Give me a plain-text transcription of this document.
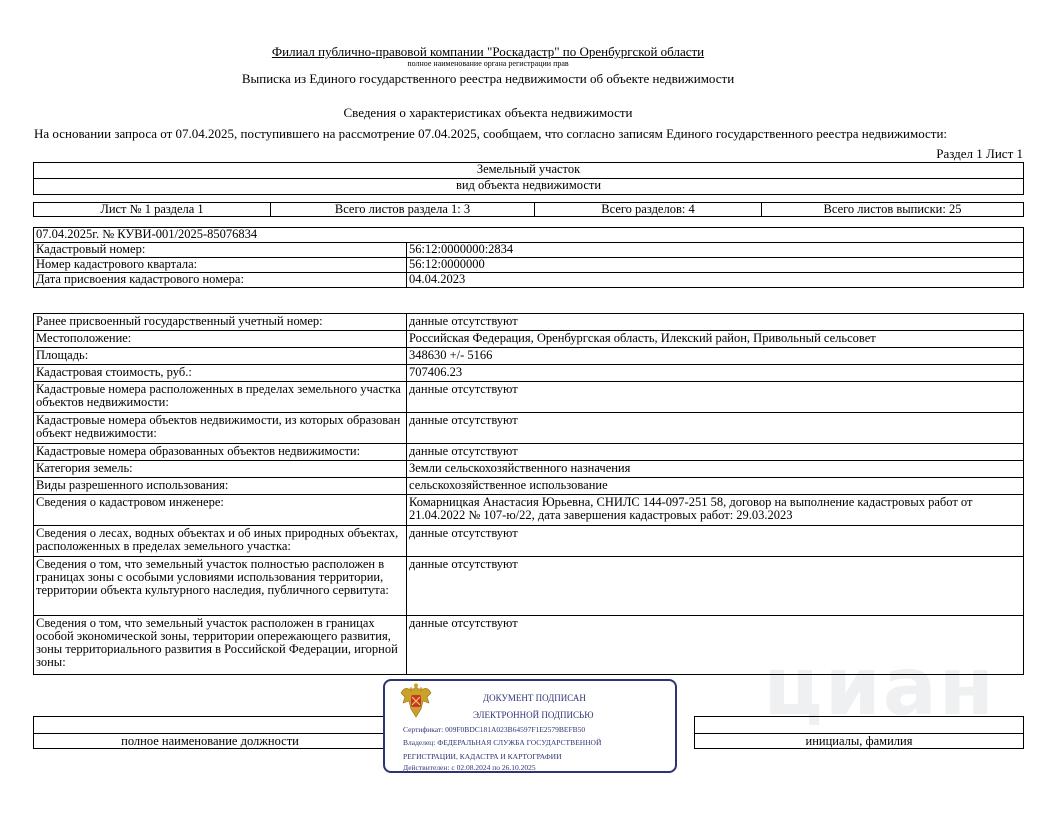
циан
Филиал публично-правовой компании "Роскадастр" по Оренбургской области
полное наименование органа регистрации прав
Выписка из Единого государственного реестра недвижимости об объекте недвижимости
Сведения о характеристиках объекта недвижимости
На основании запроса от 07.04.2025, поступившего на рассмотрение 07.04.2025, сообщаем, что согласно записям Единого государственного реестра недвижимости:
Раздел 1 Лист 1
Земельный участок
вид объекта недвижимости
Лист № 1 раздела 1	Всего листов раздела 1: 3	Всего разделов: 4	Всего листов выписки: 25
07.04.2025г. № КУВИ-001/2025-85076834	
Кадастровый номер:	56:12:0000000:2834
Номер кадастрового квартала:	56:12:0000000
Дата присвоения кадастрового номера:	04.04.2023
Ранее присвоенный государственный учетный номер:	данные отсутствуют
Местоположение:	Российская Федерация, Оренбургская область, Илекский район, Привольный сельсовет
Площадь:	348630 +/- 5166
Кадастровая стоимость, руб.:	707406.23
Кадастровые номера расположенных в пределах земельного участка объектов недвижимости:	данные отсутствуют
Кадастровые номера объектов недвижимости, из которых образован объект недвижимости:	данные отсутствуют
Кадастровые номера образованных объектов недвижимости:	данные отсутствуют
Категория земель:	Земли сельскохозяйственного назначения
Виды разрешенного использования:	сельскохозяйственное использование
Сведения о кадастровом инженере:	Комарницкая Анастасия Юрьевна, СНИЛС 144-097-251 58, договор на выполнение кадастровых работ от 21.04.2022 № 107-ю/22, дата завершения кадастровых работ: 29.03.2023
Сведения о лесах, водных объектах и об иных природных объектах, расположенных в пределах земельного участка:	данные отсутствуют
Сведения о том, что земельный участок полностью расположен в границах зоны с особыми условиями использования территории, территории объекта культурного наследия, публичного сервитута:	данные отсутствуют
Сведения о том, что земельный участок расположен в границах особой экономической зоны, территории опережающего развития, зоны территориального развития в Российской Федерации, игорной зоны:	данные отсутствуют
полное наименование должности	инициалы, фамилия
ДОКУМЕНТ ПОДПИСАН
ЭЛЕКТРОННОЙ ПОДПИСЬЮ
Сертификат: 009F0BDC181A023B64597F1E2579BEFB50
Владелец: ФЕДЕРАЛЬНАЯ СЛУЖБА ГОСУДАРСТВЕННОЙ
РЕГИСТРАЦИИ, КАДАСТРА И КАРТОГРАФИИ
Действителен: с 02.08.2024 по 26.10.2025
